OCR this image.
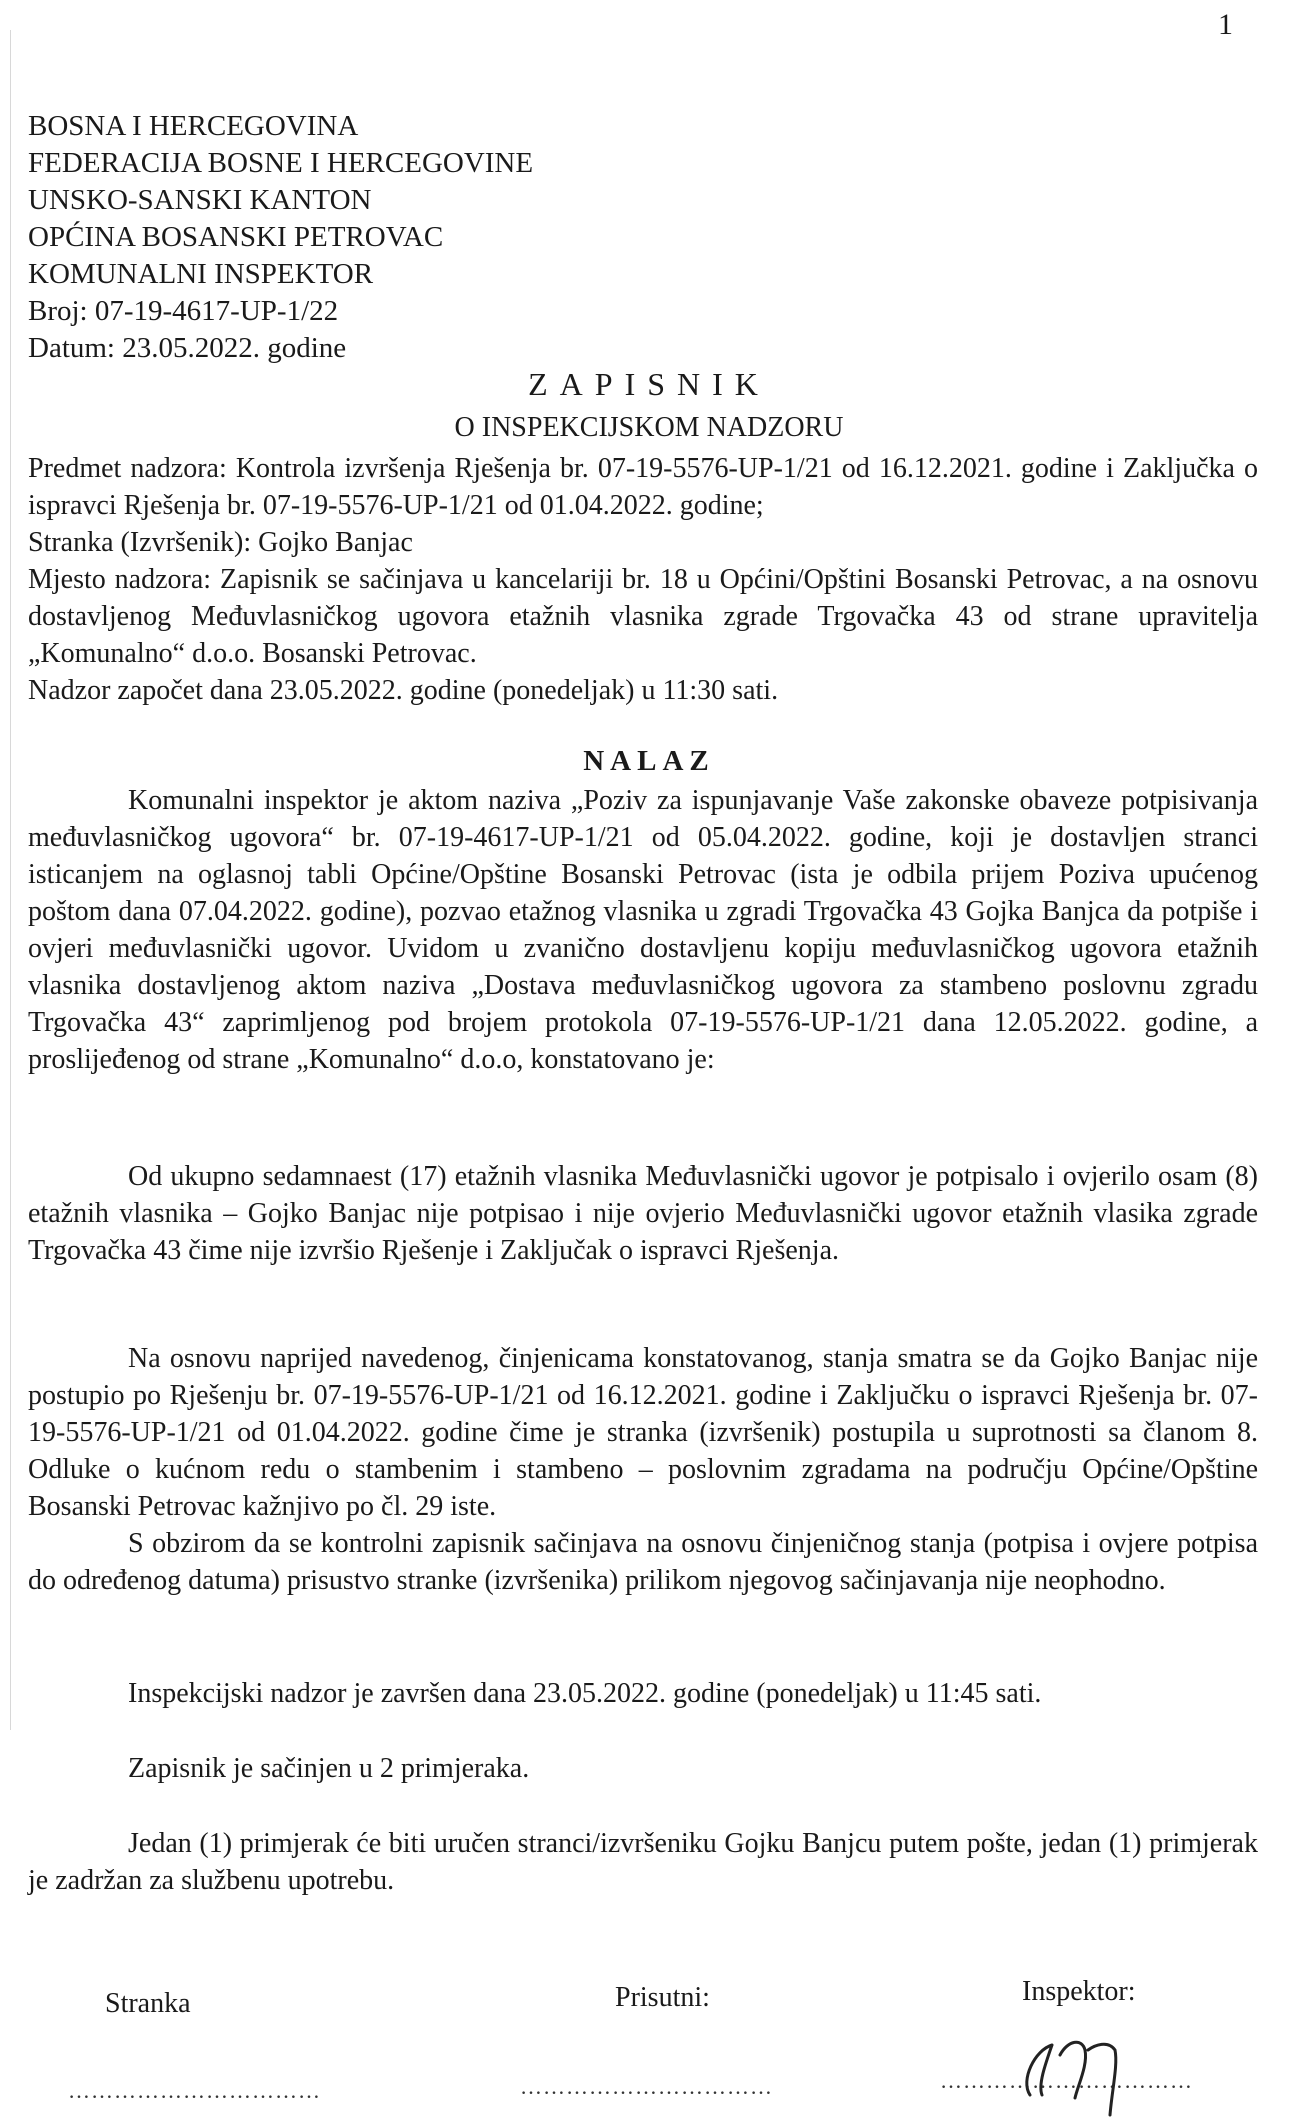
1
BOSNA I HERCEGOVINA
FEDERACIJA BOSNE I HERCEGOVINE
UNSKO-SANSKI KANTON
OPĆINA BOSANSKI PETROVAC
KOMUNALNI INSPEKTOR
Broj: 07-19-4617-UP-1/22
Datum: 23.05.2022. godine
ZAPISNIK
O INSPEKCIJSKOM NADZORU
Predmet nadzora: Kontrola izvršenja Rješenja br. 07-19-5576-UP-1/21 od 16.12.2021. godine i Zaključka o ispravci Rješenja br. 07-19-5576-UP-1/21 od 01.04.2022. godine;
Stranka (Izvršenik): Gojko Banjac
Mjesto nadzora: Zapisnik se sačinjava u kancelariji br. 18 u Općini/Opštini Bosanski Petrovac, a na osnovu dostavljenog Međuvlasničkog ugovora etažnih vlasnika zgrade Trgovačka 43 od strane upravitelja „Komunalno“ d.o.o. Bosanski Petrovac.
Nadzor započet dana 23.05.2022. godine (ponedeljak) u 11:30 sati.
NALAZ
Komunalni inspektor je aktom naziva „Poziv za ispunjavanje Vaše zakonske obaveze potpisivanja međuvlasničkog ugovora“ br. 07-19-4617-UP-1/21 od 05.04.2022. godine, koji je dostavljen stranci isticanjem na oglasnoj tabli Općine/Opštine Bosanski Petrovac (ista je odbila prijem Poziva upućenog poštom dana 07.04.2022. godine), pozvao etažnog vlasnika u zgradi Trgovačka 43 Gojka Banjca da potpiše i ovjeri međuvlasnički ugovor. Uvidom u zvanično dostavljenu kopiju međuvlasničkog ugovora etažnih vlasnika dostavljenog aktom naziva „Dostava međuvlasničkog ugovora za stambeno poslovnu zgradu Trgovačka 43“ zaprimljenog pod brojem protokola 07-19-5576-UP-1/21 dana 12.05.2022. godine, a proslijeđenog od strane „Komunalno“ d.o.o, konstatovano je:
Od ukupno sedamnaest (17) etažnih vlasnika Međuvlasnički ugovor je potpisalo i ovjerilo osam (8) etažnih vlasnika – Gojko Banjac nije potpisao i nije ovjerio Međuvlasnički ugovor etažnih vlasika zgrade Trgovačka 43 čime nije izvršio Rješenje i Zaključak o ispravci Rješenja.
Na osnovu naprijed navedenog, činjenicama konstatovanog, stanja smatra se da Gojko Banjac nije postupio po Rješenju br. 07-19-5576-UP-1/21 od 16.12.2021. godine i Zaključku o ispravci Rješenja br. 07-19-5576-UP-1/21 od 01.04.2022. godine čime je stranka (izvršenik) postupila u suprotnosti sa članom 8. Odluke o kućnom redu o stambenim i stambeno – poslovnim zgradama na području Općine/Opštine Bosanski Petrovac kažnjivo po čl. 29 iste.
S obzirom da se kontrolni zapisnik sačinjava na osnovu činjeničnog stanja (potpisa i ovjere potpisa do određenog datuma) prisustvo stranke (izvršenika) prilikom njegovog sačinjavanja nije neophodno.
Inspekcijski nadzor je završen dana 23.05.2022. godine (ponedeljak) u 11:45 sati.
Zapisnik je sačinjen u 2 primjeraka.
Jedan (1) primjerak će biti uručen stranci/izvršeniku Gojku Banjcu putem pošte, jedan (1) primjerak je zadržan za službenu upotrebu.
Stranka	Prisutni:	Inspektor:
……………………………	……………………………	……………………………
